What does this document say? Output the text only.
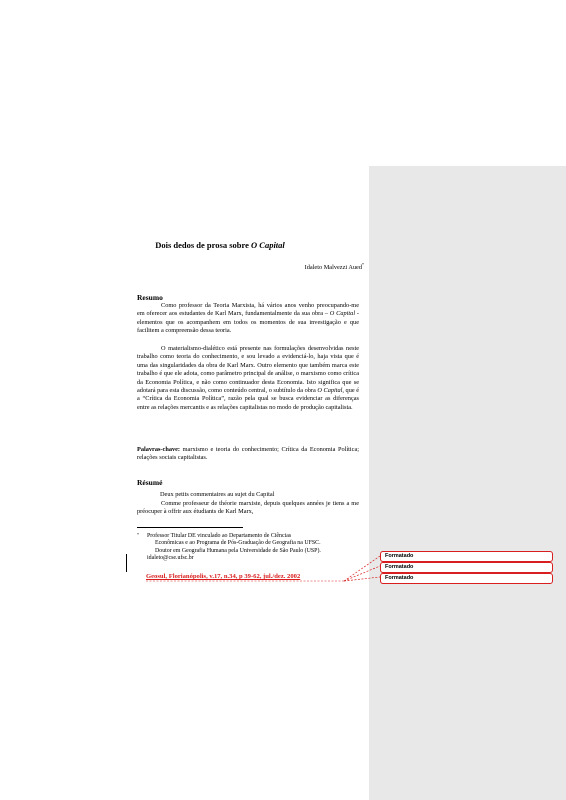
Dois dedos de prosa sobre O Capital
Idaleto Malvezzi Aued*
Resumo

Como professor da Teoria Marxista, há vários anos venho preocupando-me em oferecer aos estudantes de Karl Marx, fundamentalmente da sua obra – O Capital - elementos que os acompanhem em todos os momentos de sua investigação e que facilitem a compreensão dessa teoria.

O materialismo-dialético está presente nas formulações desenvolvidas neste trabalho como teoria do conhecimento, e sou levado a evidenciá-lo, haja vista que é uma das singularidades da obra de Karl Marx. Outro elemento que também marca este trabalho é que ele adota, como parâmetro principal de análise, o marxismo como crítica da Economia Política, e não como continuador desta Economia. Isto significa que se adotará para esta discussão, como conteúdo central, o subtítulo da obra O Capital, que é a “Crítica da Economia Política”, razão pela qual se busca evidenciar as diferenças entre as relações mercantis e as relações capitalistas no modo de produção capitalista.

Palavras-chave: marxismo e teoria do conhecimento; Crítica da Economia Política; relações sociais capitalistas.
Résumé
Deux petits commentaires au sujet du Capital

Comme professeur de théorie marxiste, depuis quelques années je tiens a me préocuper à offrir aux étudiants de Karl Marx,

* Professor Titular DE vinculado ao Departamento de Ciências
Econômicas e ao Programa de Pós-Graduação de Geografia na UFSC.
Doutor em Geografia Humana pela Universidade de São Paulo (USP).
idaleto@cse.ufsc.br
Geosul, Florianópolis, v.17, n.34, p 39-62, jul./dez. 2002
Formatado
Formatado
Formatado
